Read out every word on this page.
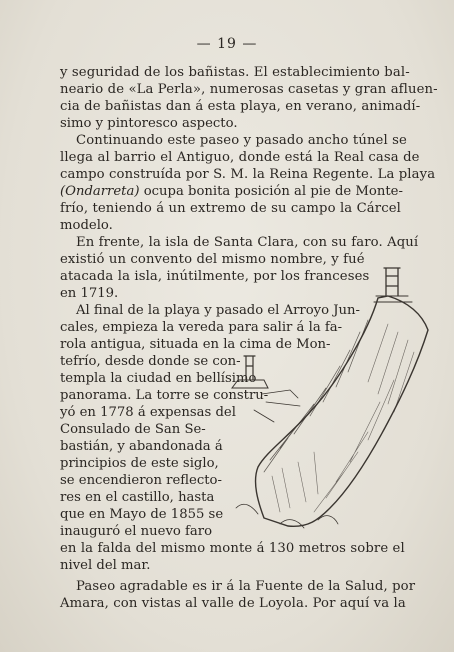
— 19 —
y seguridad de los bañistas. El establecimiento bal-
neario de «La Perla», numerosas casetas y gran afluen-
cia de bañistas dan á esta playa, en verano, animadí-
simo y pintoresco aspecto.
Continuando este paseo y pasado ancho túnel se
llega al barrio el Antiguo, donde está la Real casa de
campo construída por S. M. la Reina Regente. La playa
(Ondarreta) ocupa bonita posición al pie de Monte-
frío, teniendo á un extremo de su campo la Cárcel
modelo.
En frente, la isla de Santa Clara, con su faro. Aquí
existió un convento del mismo nombre, y fué
atacada la isla, inútilmente, por los franceses
en 1719.
Al final de la playa y pasado el Arroyo Jun-
cales, empieza la vereda para salir á la fa-
rola antigua, situada en la cima de Mon-
tefrío, desde donde se con-
templa la ciudad en bellísimo
panorama. La torre se constru-
yó en 1778 á expensas del
Consulado de San Se-
bastián, y abandonada á
principios de este siglo,
se encendieron reflecto-
res en el castillo, hasta
que en Mayo de 1855 se
inauguró el nuevo faro
en la falda del mismo monte á 130 metros sobre el
nivel del mar.
Paseo agradable es ir á la Fuente de la Salud, por
Amara, con vistas al valle de Loyola. Por aquí va la
